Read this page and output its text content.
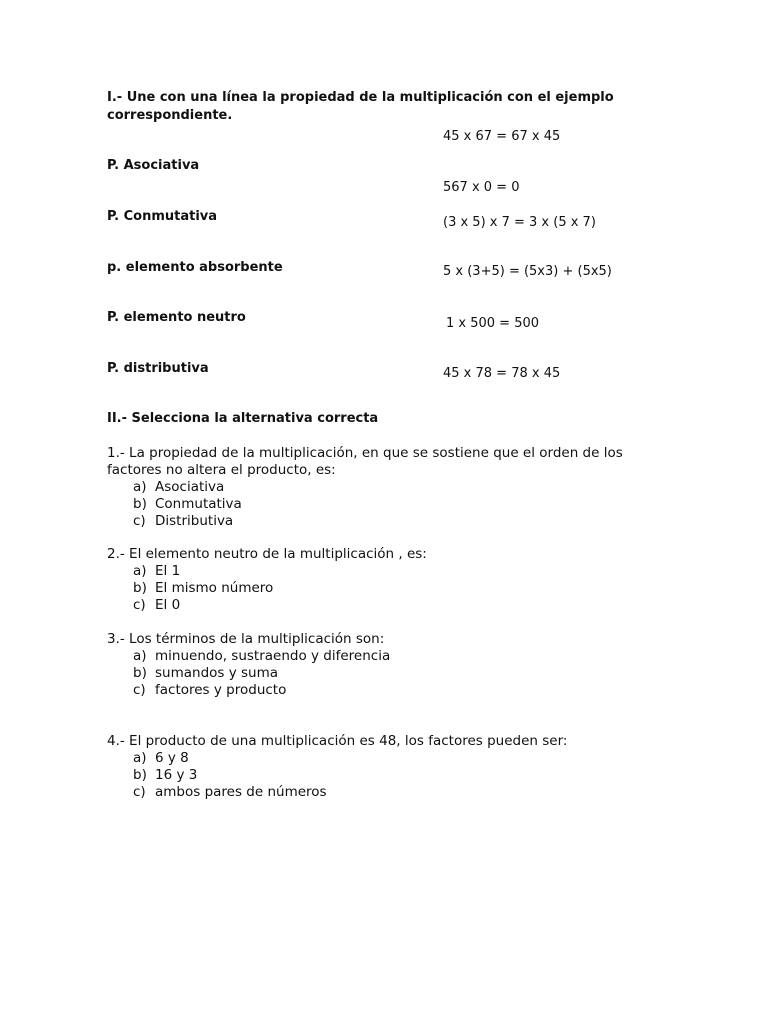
I.- Une con una línea la propiedad de la multiplicación con el ejemplo
correspondiente.
P. Asociativa
P. Conmutativa
p. elemento absorbente
P. elemento neutro
P. distributiva
45 x 67 = 67 x 45
567 x 0 = 0
(3 x 5) x 7 = 3 x (5 x 7)
5 x (3+5) = (5x3) + (5x5)
1 x 500 = 500
45 x 78 = 78 x 45
II.- Selecciona la alternativa correcta
1.- La propiedad de la multiplicación, en que se sostiene que el orden de los
factores no altera el producto, es:
a) Asociativa
b) Conmutativa
c) Distributiva
2.- El elemento neutro de la multiplicación , es:
a) El 1
b) El mismo número
c) El 0
3.- Los términos de la multiplicación son:
a) minuendo, sustraendo y diferencia
b) sumandos y suma
c) factores y producto
4.- El producto de una multiplicación es 48, los factores pueden ser:
a) 6 y 8
b) 16 y 3
c) ambos pares de números
